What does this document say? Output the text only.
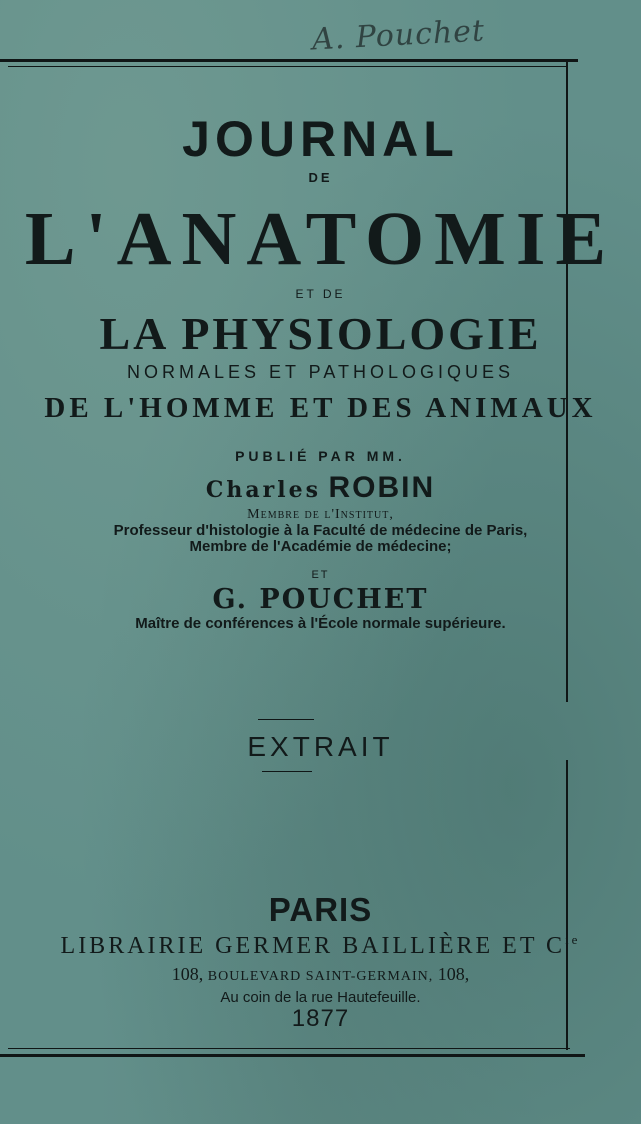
A. Pouchet
JOURNAL
DE
L'ANATOMIE
ET DE
LA PHYSIOLOGIE
NORMALES ET PATHOLOGIQUES
DE L'HOMME ET DES ANIMAUX
PUBLIÉ PAR MM.
Charles ROBIN
Membre de l'Institut,
Professeur d'histologie à la Faculté de médecine de Paris,
Membre de l'Académie de médecine;
ET
G. POUCHET
Maître de conférences à l'École normale supérieure.
EXTRAIT
PARIS
LIBRAIRIE GERMER BAILLIÈRE ET $C^{ie}$
108, BOULEVARD SAINT-GERMAIN, 108,
Au coin de la rue Hautefeuille.
1877
